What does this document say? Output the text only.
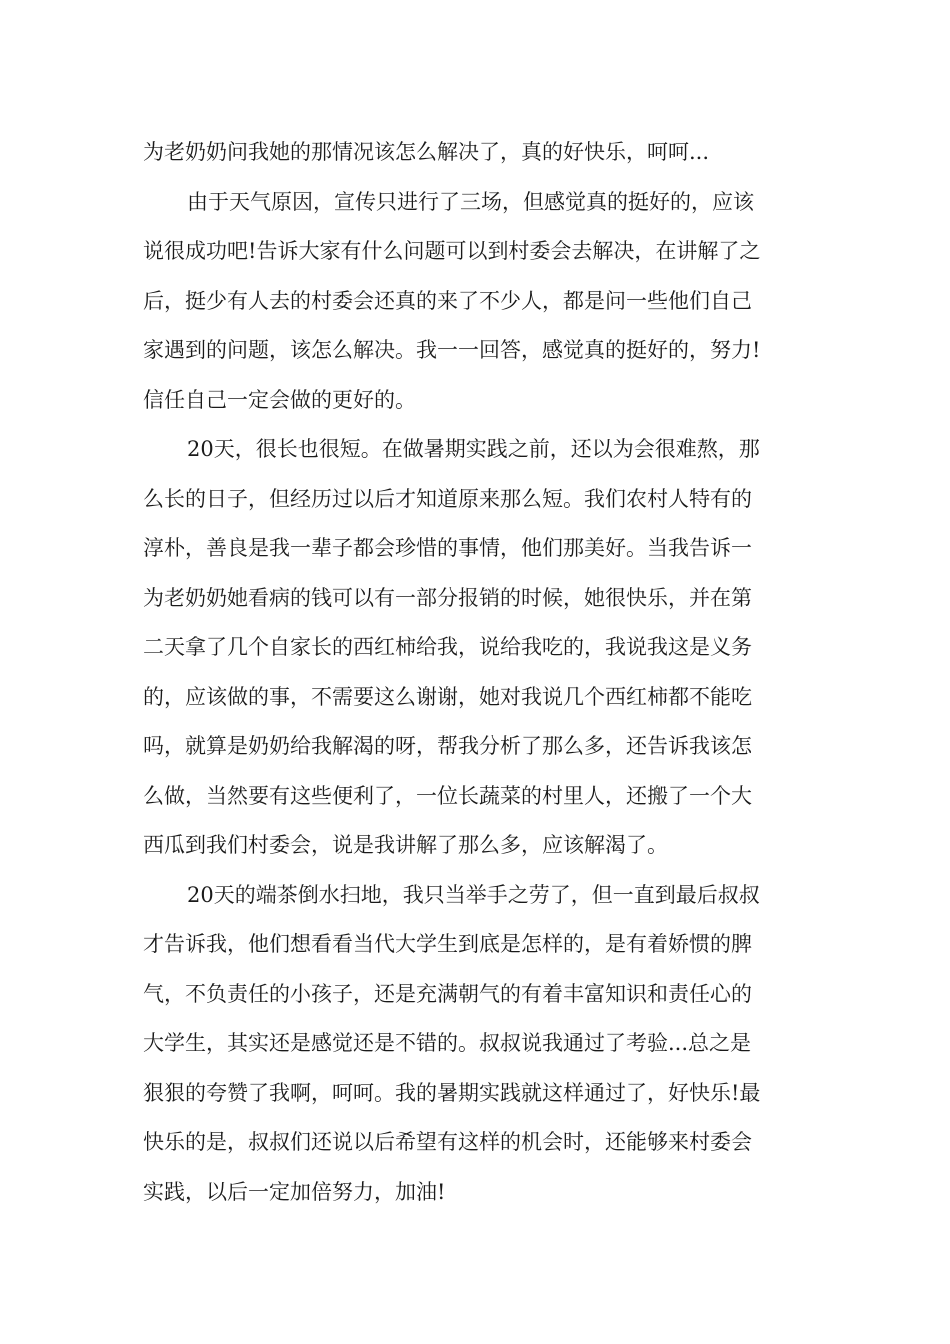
为老奶奶问我她的那情况该怎么解决了，真的好快乐，呵呵...
由于天气原因，宣传只进行了三场，但感觉真的挺好的，应该
说很成功吧!告诉大家有什么问题可以到村委会去解决，在讲解了之
后，挺少有人去的村委会还真的来了不少人，都是问一些他们自己
家遇到的问题，该怎么解决。我一一回答，感觉真的挺好的，努力!
信任自己一定会做的更好的。
20天，很长也很短。在做暑期实践之前，还以为会很难熬，那
么长的日子，但经历过以后才知道原来那么短。我们农村人特有的
淳朴，善良是我一辈子都会珍惜的事情，他们那美好。当我告诉一
为老奶奶她看病的钱可以有一部分报销的时候，她很快乐，并在第
二天拿了几个自家长的西红柿给我，说给我吃的，我说我这是义务
的，应该做的事，不需要这么谢谢，她对我说几个西红柿都不能吃
吗，就算是奶奶给我解渴的呀，帮我分析了那么多，还告诉我该怎
么做，当然要有这些便利了，一位长蔬菜的村里人，还搬了一个大
西瓜到我们村委会，说是我讲解了那么多，应该解渴了。
20天的端茶倒水扫地，我只当举手之劳了，但一直到最后叔叔
才告诉我，他们想看看当代大学生到底是怎样的，是有着娇惯的脾
气，不负责任的小孩子，还是充满朝气的有着丰富知识和责任心的
大学生，其实还是感觉还是不错的。叔叔说我通过了考验...总之是
狠狠的夸赞了我啊，呵呵。我的暑期实践就这样通过了，好快乐!最
快乐的是，叔叔们还说以后希望有这样的机会时，还能够来村委会
实践，以后一定加倍努力，加油!
